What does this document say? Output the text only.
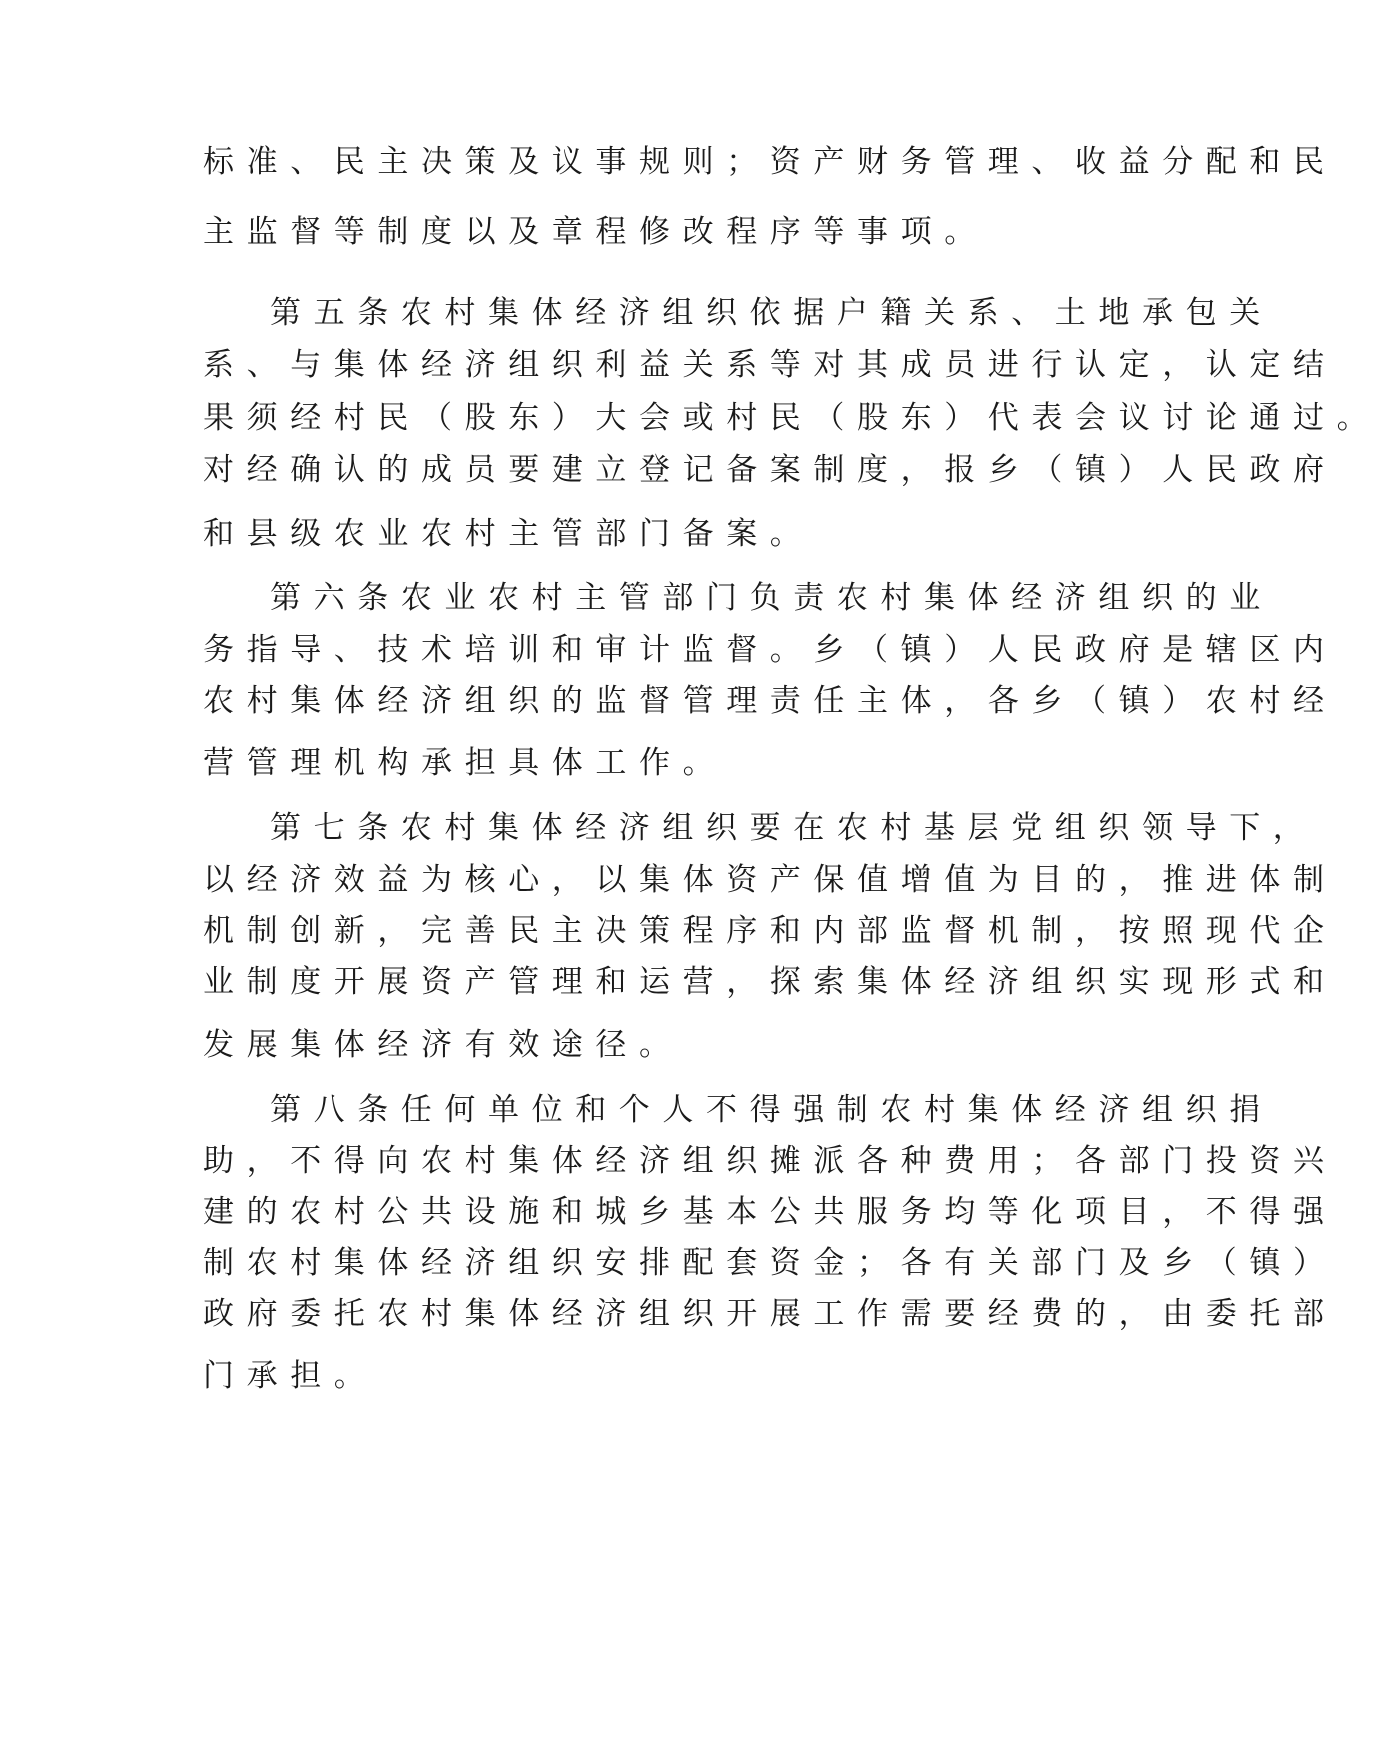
标准、民主决策及议事规则；资产财务管理、收益分配和民

主监督等制度以及章程修改程序等事项。

第五条农村集体经济组织依据户籍关系、土地承包关

系、与集体经济组织利益关系等对其成员进行认定，认定结

果须经村民（股东）大会或村民（股东）代表会议讨论通过。

对经确认的成员要建立登记备案制度，报乡（镇）人民政府

和县级农业农村主管部门备案。

第六条农业农村主管部门负责农村集体经济组织的业

务指导、技术培训和审计监督。乡（镇）人民政府是辖区内

农村集体经济组织的监督管理责任主体，各乡（镇）农村经

营管理机构承担具体工作。

第七条农村集体经济组织要在农村基层党组织领导下，

以经济效益为核心，以集体资产保值增值为目的，推进体制

机制创新，完善民主决策程序和内部监督机制，按照现代企

业制度开展资产管理和运营，探索集体经济组织实现形式和

发展集体经济有效途径。

第八条任何单位和个人不得强制农村集体经济组织捐

助，不得向农村集体经济组织摊派各种费用；各部门投资兴

建的农村公共设施和城乡基本公共服务均等化项目，不得强

制农村集体经济组织安排配套资金；各有关部门及乡（镇）

政府委托农村集体经济组织开展工作需要经费的，由委托部

门承担。
